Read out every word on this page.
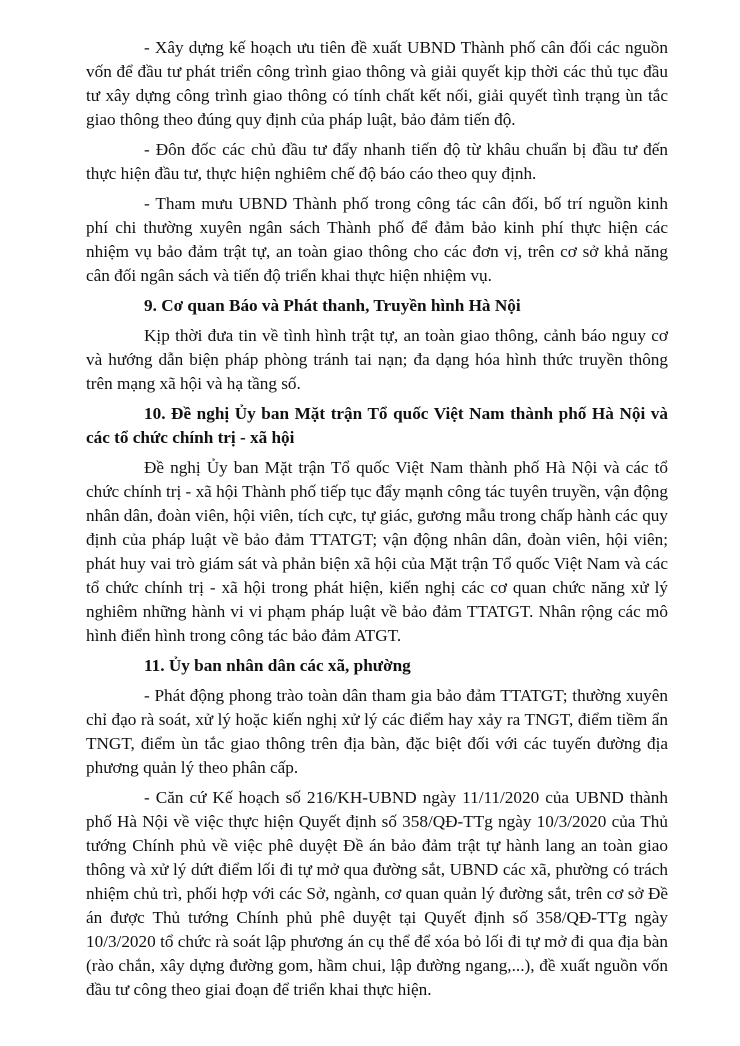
- Xây dựng kế hoạch ưu tiên đề xuất UBND Thành phố cân đối các nguồn vốn để đầu tư phát triển công trình giao thông và giải quyết kịp thời các thủ tục đầu tư xây dựng công trình giao thông có tính chất kết nối, giải quyết tình trạng ùn tắc giao thông theo đúng quy định của pháp luật, bảo đảm tiến độ.

- Đôn đốc các chủ đầu tư đẩy nhanh tiến độ từ khâu chuẩn bị đầu tư đến thực hiện đầu tư, thực hiện nghiêm chế độ báo cáo theo quy định.

- Tham mưu UBND Thành phố trong công tác cân đối, bố trí nguồn kinh phí chi thường xuyên ngân sách Thành phố để đảm bảo kinh phí thực hiện các nhiệm vụ bảo đảm trật tự, an toàn giao thông cho các đơn vị, trên cơ sở khả năng cân đối ngân sách và tiến độ triển khai thực hiện nhiệm vụ.

9. Cơ quan Báo và Phát thanh, Truyền hình Hà Nội

Kịp thời đưa tin về tình hình trật tự, an toàn giao thông, cảnh báo nguy cơ và hướng dẫn biện pháp phòng tránh tai nạn; đa dạng hóa hình thức truyền thông trên mạng xã hội và hạ tầng số.

10. Đề nghị Ủy ban Mặt trận Tổ quốc Việt Nam thành phố Hà Nội và các tổ chức chính trị - xã hội

Đề nghị Ủy ban Mặt trận Tổ quốc Việt Nam thành phố Hà Nội và các tổ chức chính trị - xã hội Thành phố tiếp tục đẩy mạnh công tác tuyên truyền, vận động nhân dân, đoàn viên, hội viên, tích cực, tự giác, gương mẫu trong chấp hành các quy định của pháp luật về bảo đảm TTATGT; vận động nhân dân, đoàn viên, hội viên; phát huy vai trò giám sát và phản biện xã hội của Mặt trận Tổ quốc Việt Nam và các tổ chức chính trị - xã hội trong phát hiện, kiến nghị các cơ quan chức năng xử lý nghiêm những hành vi vi phạm pháp luật về bảo đảm TTATGT. Nhân rộng các mô hình điển hình trong công tác bảo đảm ATGT.

11. Ủy ban nhân dân các xã, phường

- Phát động phong trào toàn dân tham gia bảo đảm TTATGT; thường xuyên chỉ đạo rà soát, xử lý hoặc kiến nghị xử lý các điểm hay xảy ra TNGT, điểm tiềm ẩn TNGT, điểm ùn tắc giao thông trên địa bàn, đặc biệt đối với các tuyến đường địa phương quản lý theo phân cấp.

- Căn cứ Kế hoạch số 216/KH-UBND ngày 11/11/2020 của UBND thành phố Hà Nội về việc thực hiện Quyết định số 358/QĐ-TTg ngày 10/3/2020 của Thủ tướng Chính phủ về việc phê duyệt Đề án bảo đảm trật tự hành lang an toàn giao thông và xử lý dứt điểm lối đi tự mở qua đường sắt, UBND các xã, phường có trách nhiệm chủ trì, phối hợp với các Sở, ngành, cơ quan quản lý đường sắt, trên cơ sở Đề án được Thủ tướng Chính phủ phê duyệt tại Quyết định số 358/QĐ-TTg ngày 10/3/2020 tổ chức rà soát lập phương án cụ thể để xóa bỏ lối đi tự mở đi qua địa bàn (rào chắn, xây dựng đường gom, hầm chui, lập đường ngang,...), đề xuất nguồn vốn đầu tư công theo giai đoạn để triển khai thực hiện.
